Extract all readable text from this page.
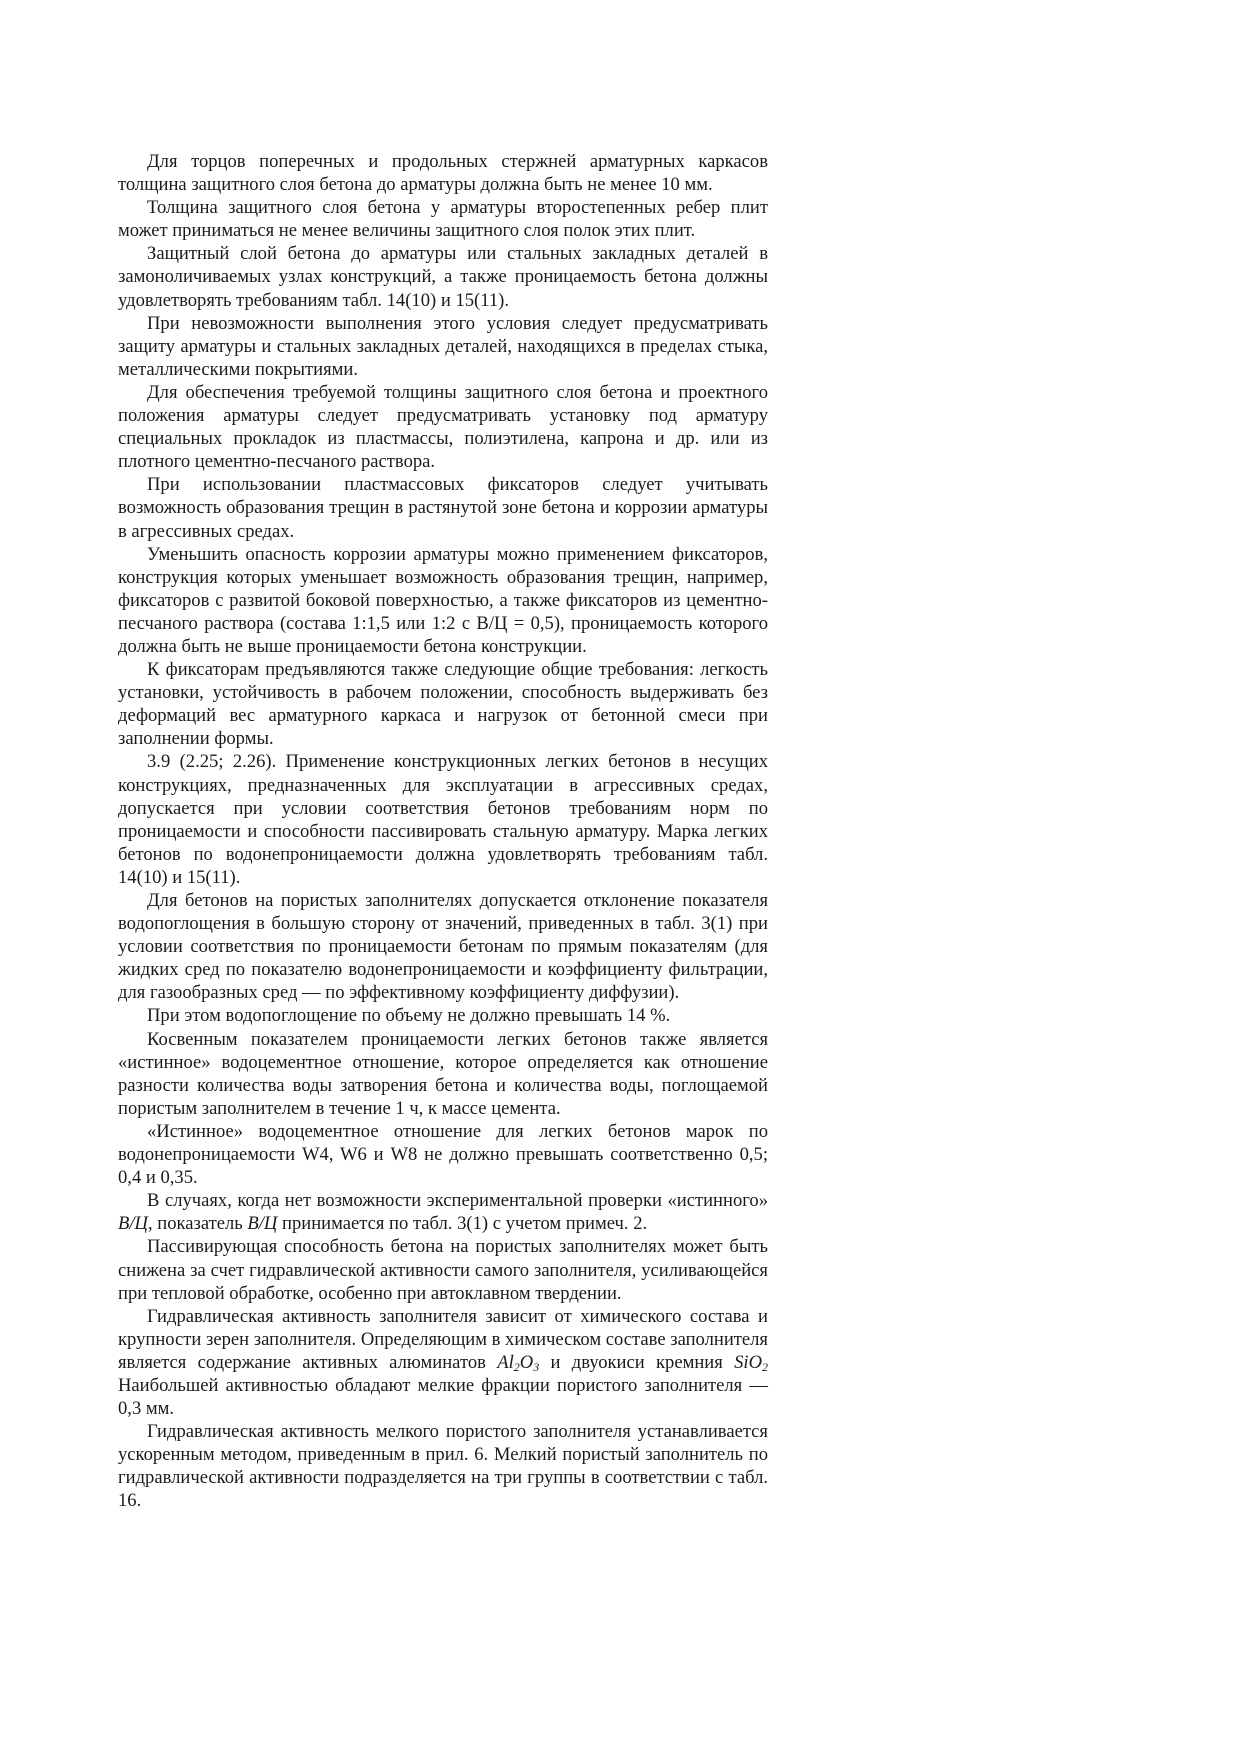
Для торцов поперечных и продольных стержней арматурных каркасов толщина защитного слоя бетона до арматуры должна быть не менее 10 мм.

Толщина защитного слоя бетона у арматуры второстепенных ребер плит может приниматься не менее величины защитного слоя полок этих плит.

Защитный слой бетона до арматуры или стальных закладных деталей в замоноличиваемых узлах конструкций, а также проницаемость бетона должны удовлетворять требованиям табл. 14(10) и 15(11).

При невозможности выполнения этого условия следует предусматривать защиту арматуры и стальных закладных деталей, находящихся в пределах стыка, металлическими покрытиями.

Для обеспечения требуемой толщины защитного слоя бетона и проектного положения арматуры следует предусматривать установку под арматуру специальных прокладок из пластмассы, полиэтилена, капрона и др. или из плотного цементно-песчаного раствора.

При использовании пластмассовых фиксаторов следует учитывать возможность образования трещин в растянутой зоне бетона и коррозии арматуры в агрессивных средах.

Уменьшить опасность коррозии арматуры можно применением фиксаторов, конструкция которых уменьшает возможность образования трещин, например, фиксаторов с развитой боковой поверхностью, а также фиксаторов из цементно-песчаного раствора (состава 1:1,5 или 1:2 с В/Ц = 0,5), проницаемость которого должна быть не выше проницаемости бетона конструкции.

К фиксаторам предъявляются также следующие общие требования: легкость установки, устойчивость в рабочем положении, способность выдерживать без деформаций вес арматурного каркаса и нагрузок от бетонной смеси при заполнении формы.

3.9 (2.25; 2.26). Применение конструкционных легких бетонов в несущих конструкциях, предназначенных для эксплуатации в агрессивных средах, допускается при условии соответствия бетонов требованиям норм по проницаемости и способности пассивировать стальную арматуру. Марка легких бетонов по водонепроницаемости должна удовлетворять требованиям табл. 14(10) и 15(11).

Для бетонов на пористых заполнителях допускается отклонение показателя водопоглощения в большую сторону от значений, приведенных в табл. 3(1) при условии соответствия по проницаемости бетонам по прямым показателям (для жидких сред по показателю водонепроницаемости и коэффициенту фильтрации, для газообразных сред — по эффективному коэффициенту диффузии).

При этом водопоглощение по объему не должно превышать 14 %.

Косвенным показателем проницаемости легких бетонов также является «истинное» водоцементное отношение, которое определяется как отношение разности количества воды затворения бетона и количества воды, поглощаемой пористым заполнителем в течение 1 ч, к массе цемента.

«Истинное» водоцементное отношение для легких бетонов марок по водонепроницаемости W4, W6 и W8 не должно превышать соответственно 0,5; 0,4 и 0,35.

В случаях, когда нет возможности экспериментальной проверки «истинного» В/Ц, показатель В/Ц принимается по табл. 3(1) с учетом примеч. 2.

Пассивирующая способность бетона на пористых заполнителях может быть снижена за счет гидравлической активности самого заполнителя, усиливающейся при тепловой обработке, особенно при автоклавном твердении.

Гидравлическая активность заполнителя зависит от химического состава и крупности зерен заполнителя. Определяющим в химическом составе заполнителя является содержание активных алюминатов $Al_2O_3$ и двуокиси кремния SiO$_2$ Наибольшей активностью обладают мелкие фракции пористого заполнителя — 0,3 мм.

Гидравлическая активность мелкого пористого заполнителя устанавливается ускоренным методом, приведенным в прил. 6. Мелкий пористый заполнитель по гидравлической активности подразделяется на три группы в соответствии с табл. 16.
